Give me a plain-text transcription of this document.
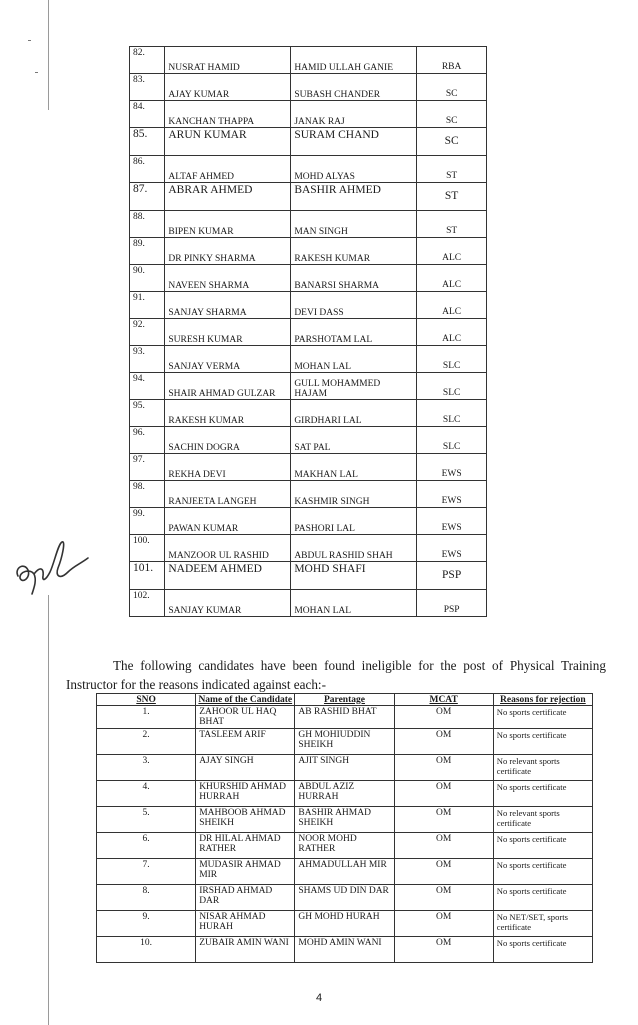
82.	NUSRAT HAMID	HAMID ULLAH GANIE	RBA
83.	AJAY KUMAR	SUBASH CHANDER	SC
84.	KANCHAN THAPPA	JANAK RAJ	SC
85.	ARUN KUMAR	SURAM CHAND	SC
86.	ALTAF AHMED	MOHD ALYAS	ST
87.	ABRAR AHMED	BASHIR AHMED	ST
88.	BIPEN KUMAR	MAN SINGH	ST
89.	DR PINKY SHARMA	RAKESH KUMAR	ALC
90.	NAVEEN SHARMA	BANARSI SHARMA	ALC
91.	SANJAY SHARMA	DEVI DASS	ALC
92.	SURESH KUMAR	PARSHOTAM LAL	ALC
93.	SANJAY VERMA	MOHAN LAL	SLC
94.	SHAIR AHMAD GULZAR	GULL MOHAMMED HAJAM	SLC
95.	RAKESH KUMAR	GIRDHARI LAL	SLC
96.	SACHIN DOGRA	SAT PAL	SLC
97.	REKHA DEVI	MAKHAN LAL	EWS
98.	RANJEETA LANGEH	KASHMIR SINGH	EWS
99.	PAWAN KUMAR	PASHORI LAL	EWS
100.	MANZOOR UL RASHID	ABDUL RASHID SHAH	EWS
101.	NADEEM AHMED	MOHD SHAFI	PSP
102.	SANJAY KUMAR	MOHAN LAL	PSP

The following candidates have been found ineligible for the post of Physical Training Instructor for the reasons indicated against each:-

SNO	Name of the Candidate	Parentage	MCAT	Reasons for rejection
1.	ZAHOOR UL HAQ BHAT	AB RASHID BHAT	OM	No sports certificate
2.	TASLEEM ARIF	GH MOHIUDDIN SHEIKH	OM	No sports certificate
3.	AJAY SINGH	AJIT SINGH	OM	No relevant sports certificate
4.	KHURSHID AHMAD HURRAH	ABDUL AZIZ HURRAH	OM	No sports certificate
5.	MAHBOOB AHMAD SHEIKH	BASHIR AHMAD SHEIKH	OM	No relevant sports certificate
6.	DR HILAL AHMAD RATHER	NOOR MOHD RATHER	OM	No sports certificate
7.	MUDASIR AHMAD MIR	AHMADULLAH MIR	OM	No sports certificate
8.	IRSHAD AHMAD DAR	SHAMS UD DIN DAR	OM	No sports certificate
9.	NISAR AHMAD HURAH	GH MOHD HURAH	OM	No NET/SET, sports certificate
10.	ZUBAIR AMIN WANI	MOHD AMIN WANI	OM	No sports certificate
4
